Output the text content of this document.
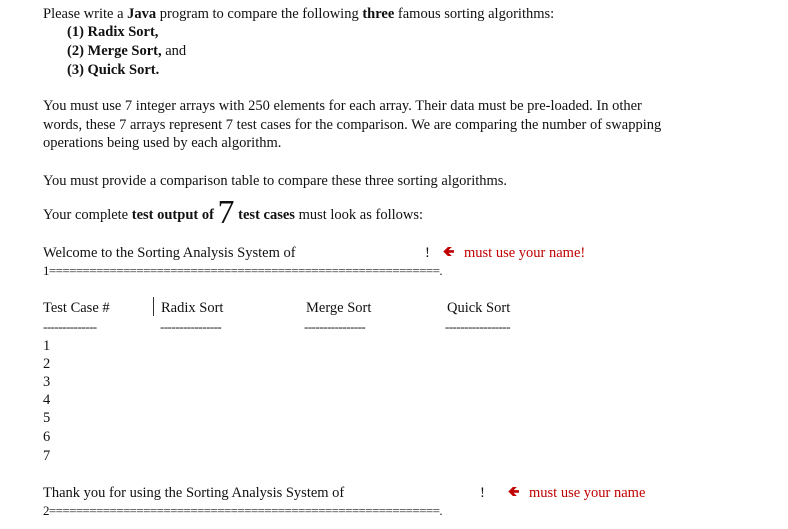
Please write a Java program to compare the following three famous sorting algorithms:
(1) Radix Sort,
(2) Merge Sort, and
(3) Quick Sort.
You must use 7 integer arrays with 250 elements for each array. Their data must be pre-loaded. In other
words, these 7 arrays represent 7 test cases for the comparison. We are comparing the number of swapping
operations being used by each algorithm.
You must provide a comparison table to compare these three sorting algorithms.
Your complete test output of 7 test cases must look as follows:
Welcome to the Sorting Analysis System of	! 🡸 must use your name!
1==========================================================.
Test Case #	Radix Sort	Merge Sort	Quick Sort
--------------	----------------	----------------	-----------------
1
2
3
4
5
6
7
Thank you for using the Sorting Analysis System of	! 🡸 must use your name
2==========================================================.
